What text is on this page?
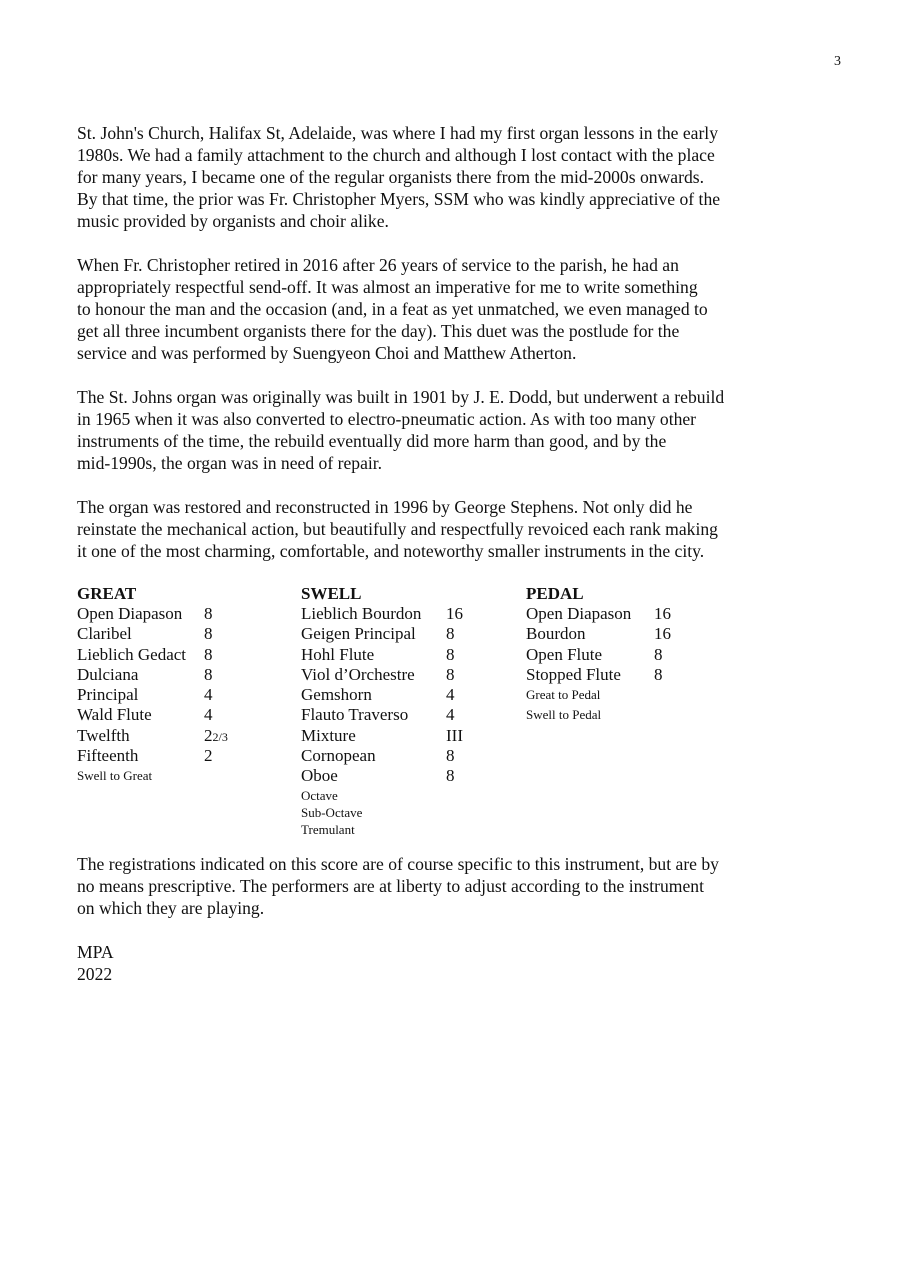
3

St. John's Church, Halifax St, Adelaide, was where I had my first organ lessons in the early
1980s. We had a family attachment to the church and although I lost contact with the place
for many years, I became one of the regular organists there from the mid-2000s onwards.
By that time, the prior was Fr. Christopher Myers, SSM who was kindly appreciative of the
music provided by organists and choir alike.

When Fr. Christopher retired in 2016 after 26 years of service to the parish, he had an
appropriately respectful send-off. It was almost an imperative for me to write something
to honour the man and the occasion (and, in a feat as yet unmatched, we even managed to
get all three incumbent organists there for the day). This duet was the postlude for the
service and was performed by Suengyeon Choi and Matthew Atherton.

The St. Johns organ was originally was built in 1901 by J. E. Dodd, but underwent a rebuild
in 1965 when it was also converted to electro-pneumatic action. As with too many other
instruments of the time, the rebuild eventually did more harm than good, and by the
mid-1990s, the organ was in need of repair.

The organ was restored and reconstructed in 1996 by George Stephens. Not only did he
reinstate the mechanical action, but beautifully and respectfully revoiced each rank making
it one of the most charming, comfortable, and noteworthy smaller instruments in the city.

GREAT
Open Diapason 8
Claribel	8
Lieblich Gedact 8
Dulciana	8
Principal	4
Wald Flute	4
Twelfth	22/3
Fifteenth	2
Swell to Great
SWELL
Lieblich Bourdon 16
Geigen Principal 8
Hohl Flute	8
Viol d’Orchestre 8
Gemshorn	4
Flauto Traverso 4
Mixture	III
Cornopean	8
Oboe	8
Octave
Sub-Octave
Tremulant
PEDAL
Open Diapason 16
Bourdon	16
Open Flute	8
Stopped Flute 8
Great to Pedal
Swell to Pedal

The registrations indicated on this score are of course specific to this instrument, but are by
no means prescriptive. The performers are at liberty to adjust according to the instrument
on which they are playing.

MPA

2022
